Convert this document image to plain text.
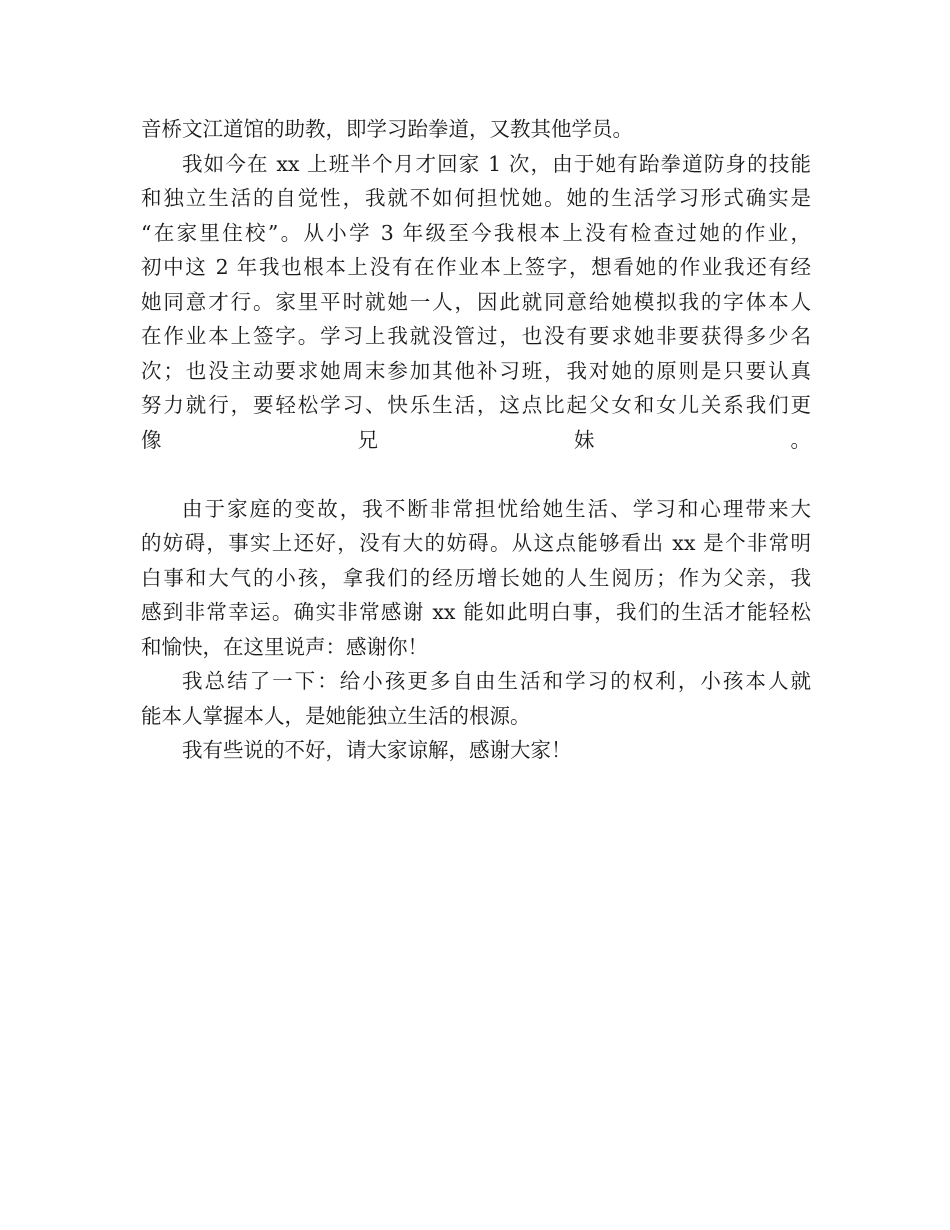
音桥文江道馆的助教，即学习跆拳道，又教其他学员。
我如今在 xx 上班半个月才回家 1 次，由于她有跆拳道防身的技能
和独立生活的自觉性，我就不如何担忧她。她的生活学习形式确实是
“在家里住校”。从小学 3 年级至今我根本上没有检查过她的作业，
初中这 2 年我也根本上没有在作业本上签字，想看她的作业我还有经
她同意才行。家里平时就她一人，因此就同意给她模拟我的字体本人
在作业本上签字。学习上我就没管过，也没有要求她非要获得多少名
次；也没主动要求她周末参加其他补习班，我对她的原则是只要认真
努力就行，要轻松学习、快乐生活，这点比起父女和女儿关系我们更
像兄妹。
由于家庭的变故，我不断非常担忧给她生活、学习和心理带来大
的妨碍，事实上还好，没有大的妨碍。从这点能够看出 xx 是个非常明
白事和大气的小孩，拿我们的经历增长她的人生阅历；作为父亲，我
感到非常幸运。确实非常感谢 xx 能如此明白事，我们的生活才能轻松
和愉快，在这里说声：感谢你！
我总结了一下：给小孩更多自由生活和学习的权利，小孩本人就
能本人掌握本人，是她能独立生活的根源。
我有些说的不好，请大家谅解，感谢大家！
